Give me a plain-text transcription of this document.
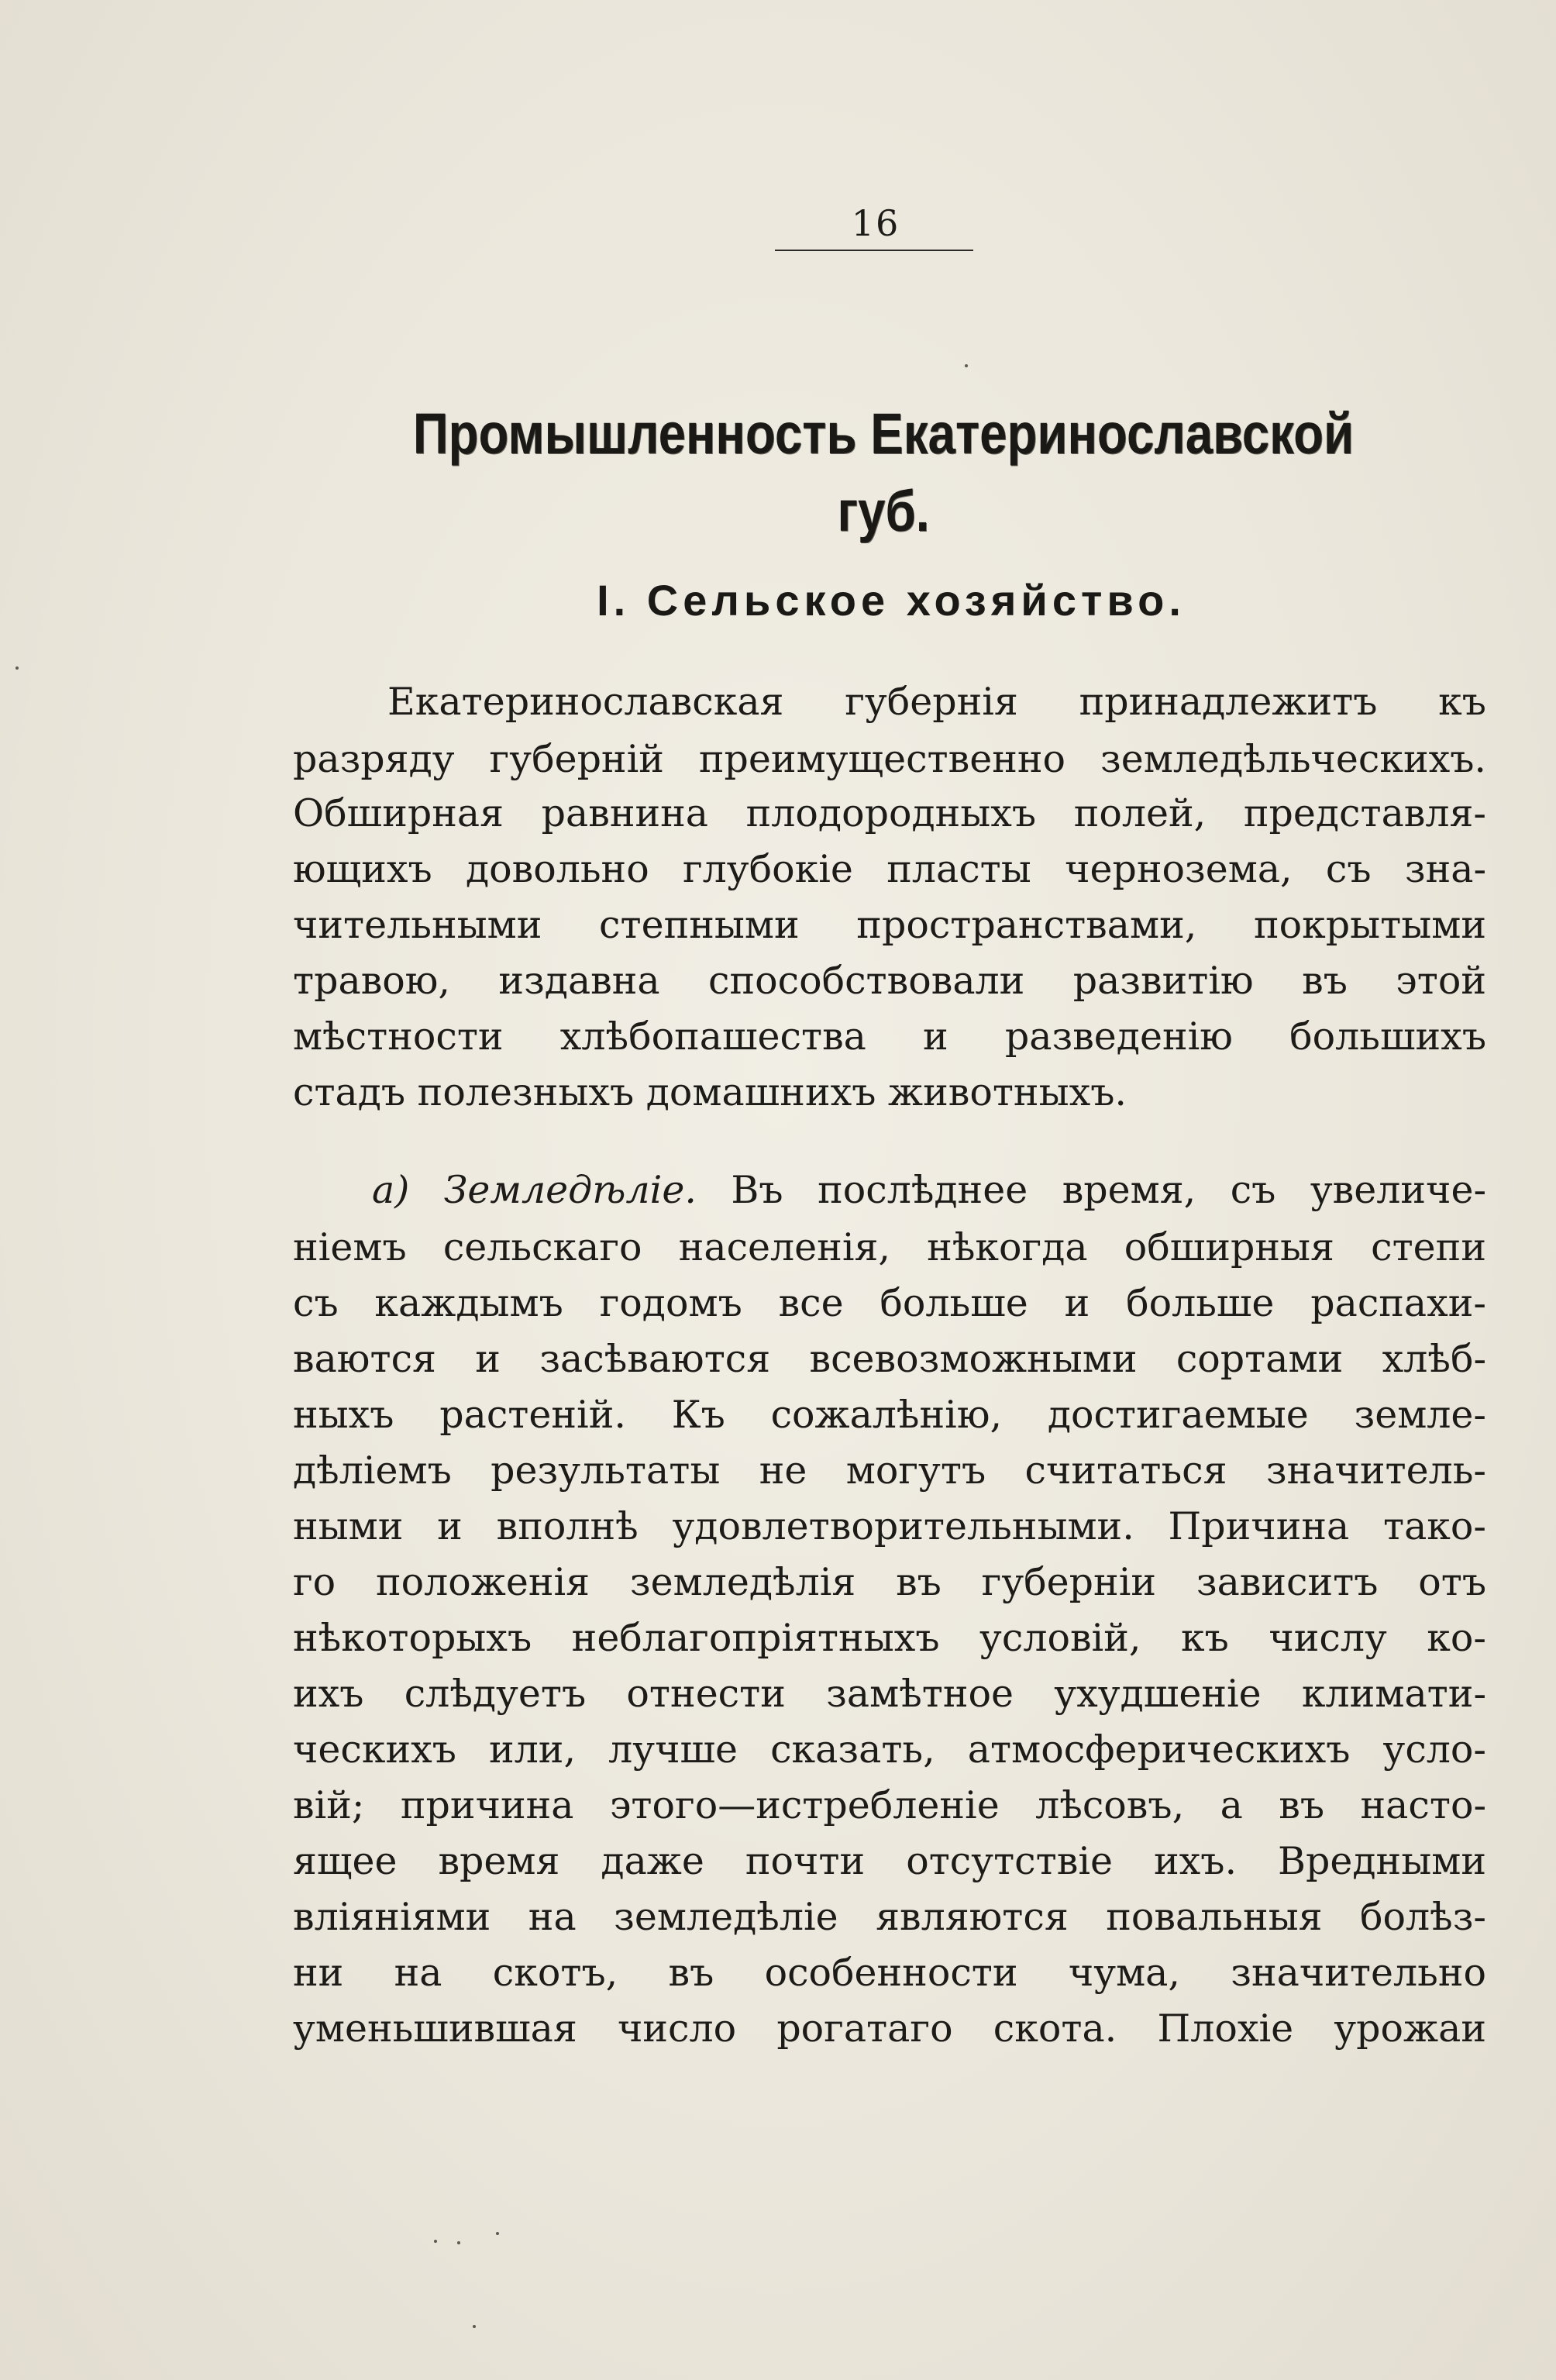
16
Промышленность Екатеринославской губ.
I. Сельское хозяйство.
Екатеринославская губернія принадлежитъ къ
разряду губерній преимущественно земледѣльческихъ.
Обширная равнина плодородныхъ полей, представля-
ющихъ довольно глубокіе пласты чернозема, съ зна-
чительными степными пространствами, покрытыми
травою, издавна способствовали развитію въ этой
мѣстности хлѣбопашества и разведенію большихъ
стадъ полезныхъ домашнихъ животныхъ.
а) Земледѣліе. Въ послѣднее время, съ увеличе-
ніемъ сельскаго населенія, нѣкогда обширныя степи
съ каждымъ годомъ все больше и больше распахи-
ваются и засѣваются всевозможными сортами хлѣб-
ныхъ растеній. Къ сожалѣнію, достигаемые земле-
дѣліемъ результаты не могутъ считаться значитель-
ными и вполнѣ удовлетворительными. Причина тако-
го положенія земледѣлія въ губерніи зависитъ отъ
нѣкоторыхъ неблагопріятныхъ условій, къ числу ко-
ихъ слѣдуетъ отнести замѣтное ухудшеніе климати-
ческихъ или, лучше сказать, атмосферическихъ усло-
вій; причина этого—истребленіе лѣсовъ, а въ насто-
ящее время даже почти отсутствіе ихъ. Вредными
вліяніями на земледѣліе являются повальныя болѣз-
ни на скотъ, въ особенности чума, значительно
уменьшившая число рогатаго скота. Плохіе урожаи
